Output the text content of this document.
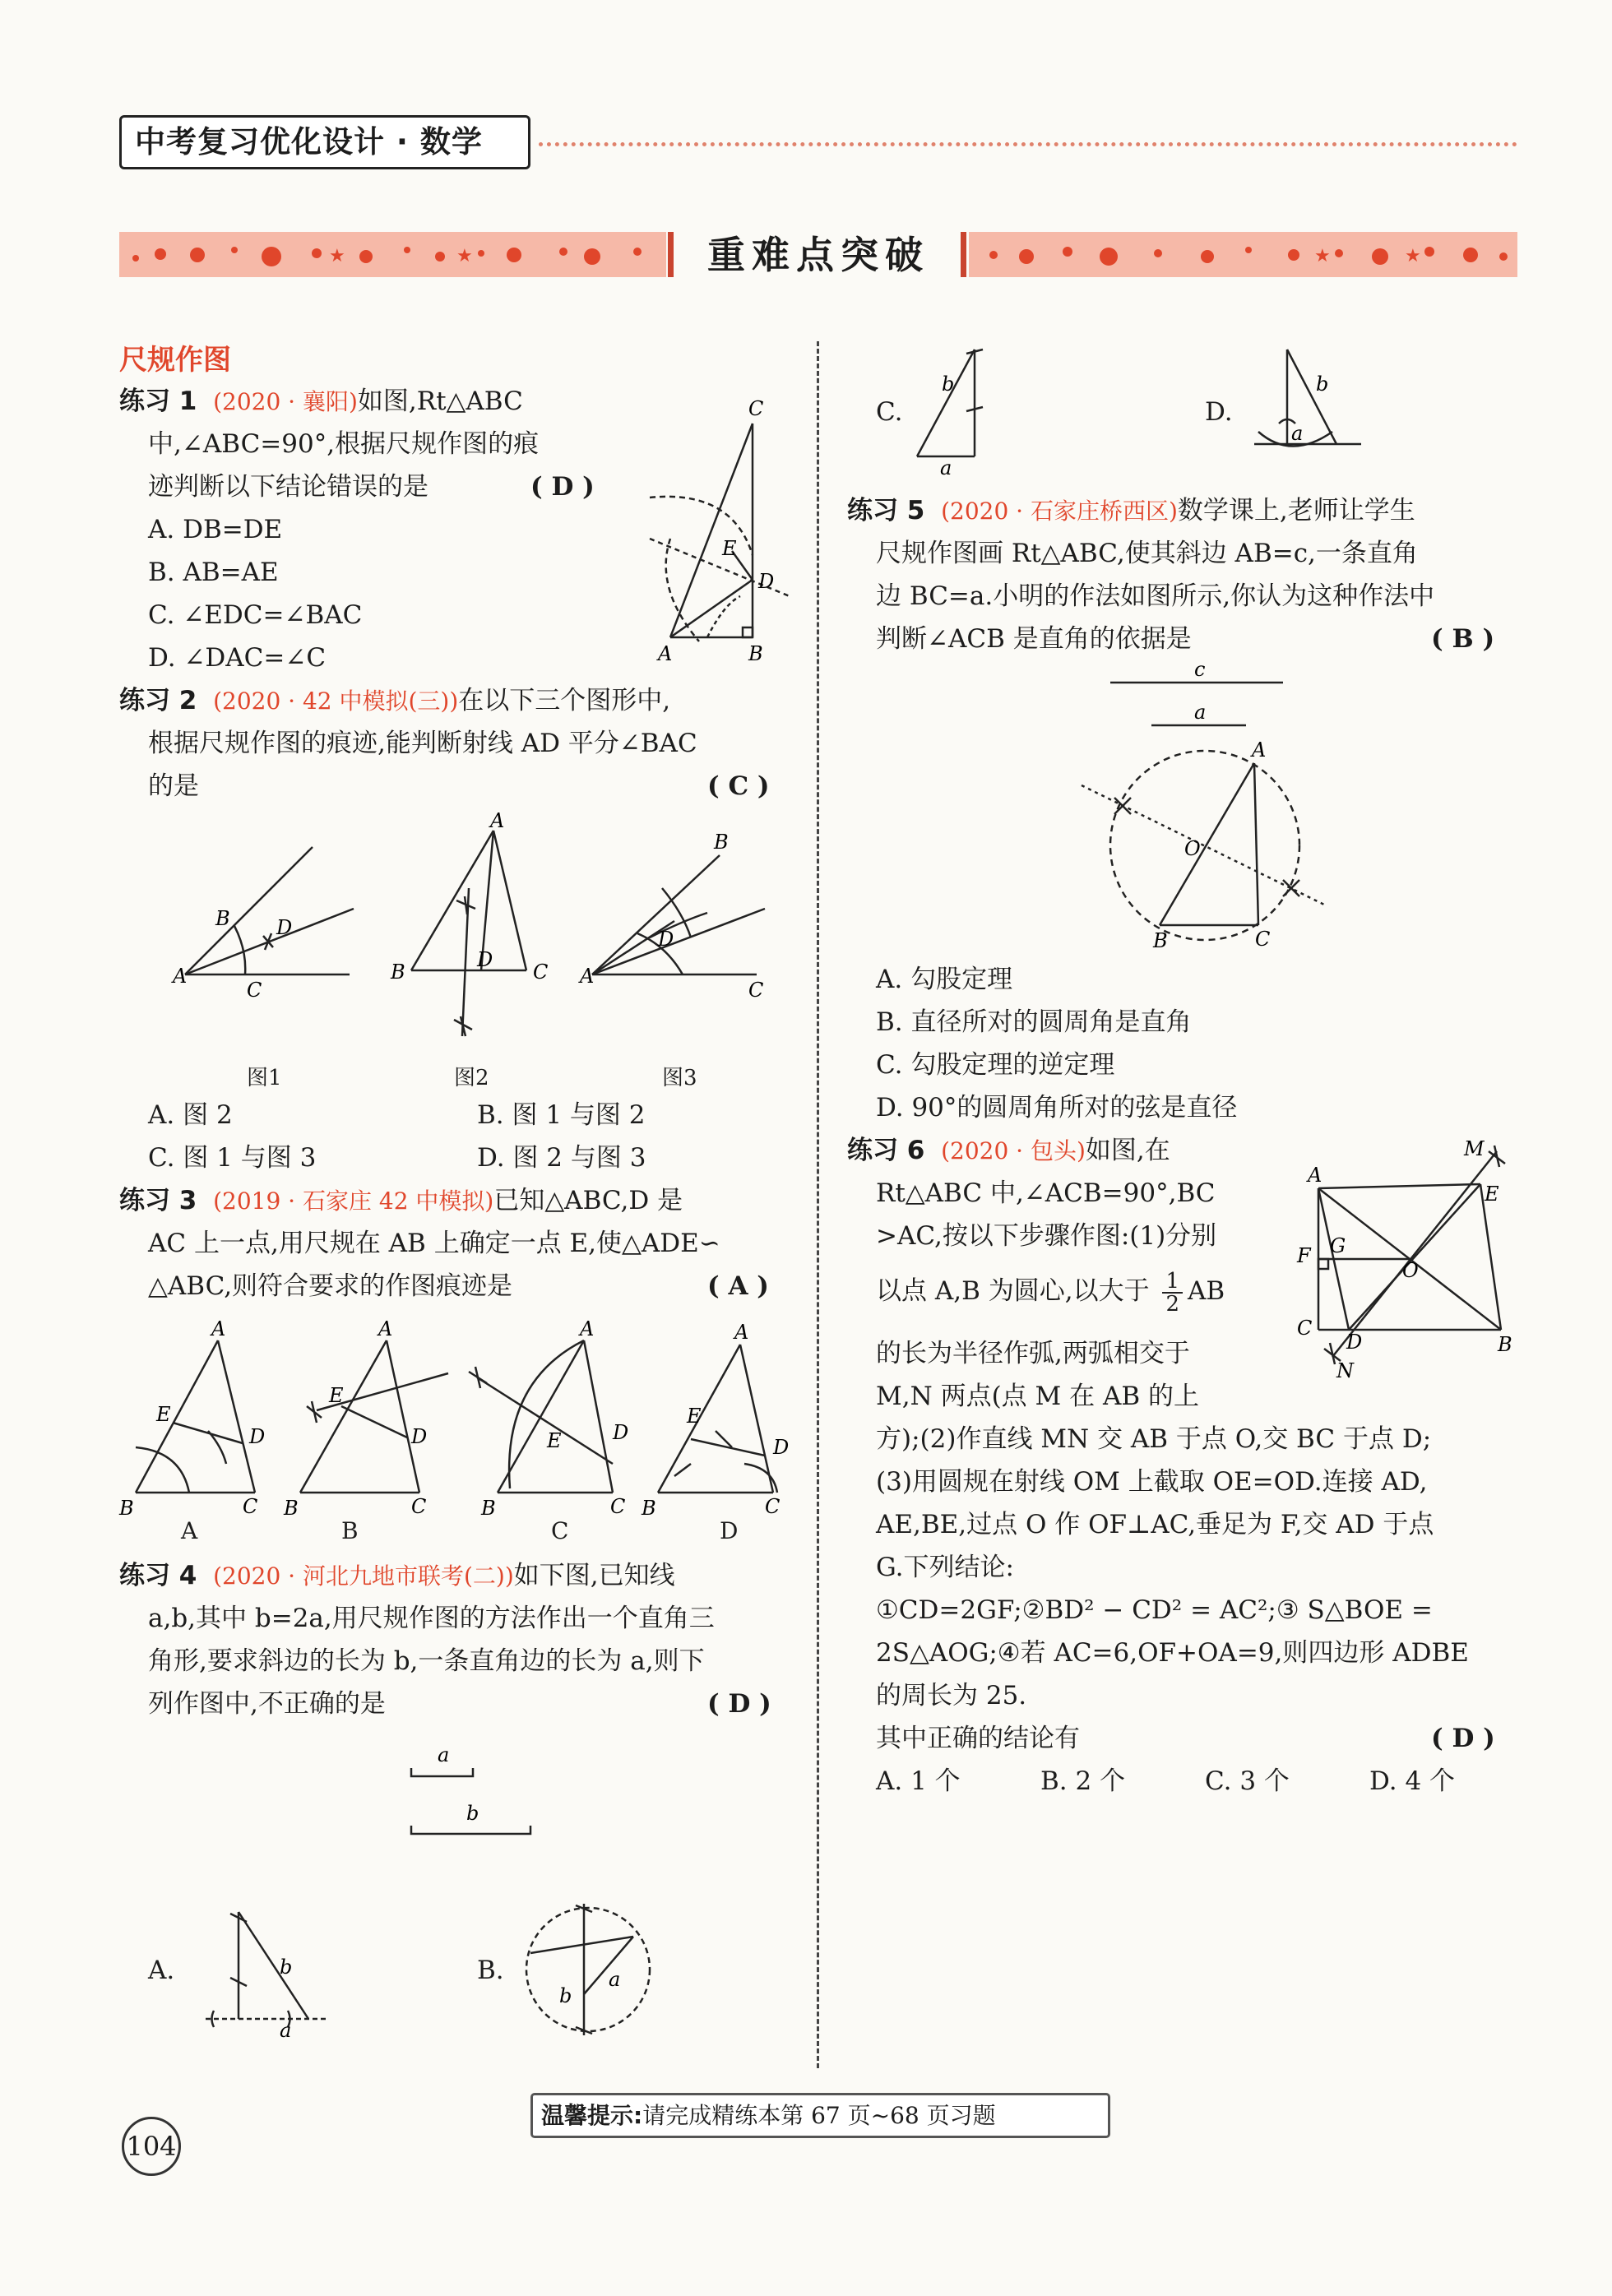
中考复习优化设计 · 数学
★	★	重难点突破	★	★
尺规作图
练习 1 (2020 · 襄阳)如图,Rt△ABC
中,∠ABC=90°,根据尺规作图的痕
迹判断以下结论错误的是	( D )
A. DB=DE
B. AB=AE
C. ∠EDC=∠BAC
D. ∠DAC=∠C
C
E
D
A	B
练习 2 (2020 · 42 中模拟(三))在以下三个图形中,
根据尺规作图的痕迹,能判断射线 AD 平分∠BAC
的是	( C )
A
B
C
D
图1
A
B	C
D
图2
A
B
C
D
图3
A. 图 2	B. 图 1 与图 2
C. 图 1 与图 3	D. 图 2 与图 3
练习 3 (2019 · 石家庄 42 中模拟)已知△ABC,D 是
AC 上一点,用尺规在 AB 上确定一点 E,使△ADE∽
△ABC,则符合要求的作图痕迹是	( A )
A
B	C
E
D
A
A
B	C
E
D
B
A
B	C
E	D
C
A
B	C
E
D
D
练习 4 (2020 · 河北九地市联考(二))如下图,已知线
a,b,其中 b=2a,用尺规作图的方法作出一个直角三
角形,要求斜边的长为 b,一条直角边的长为 a,则下
列作图中,不正确的是	( D )
a
b
A.	b
a
B.	a
b
C.
b
a
D.
b
a
练习 5 (2020 · 石家庄桥西区)数学课上,老师让学生
尺规作图画 Rt△ABC,使其斜边 AB=c,一条直角
边 BC=a.小明的作法如图所示,你认为这种作法中
判断∠ACB 是直角的依据是	( B )
c
a
A
O
B	C
A. 勾股定理
B. 直径所对的圆周角是直角
C. 勾股定理的逆定理
D. 90°的圆周角所对的弦是直径
练习 6 (2020 · 包头)如图,在
Rt△ABC 中,∠ACB=90°,BC
>AC,按以下步骤作图:(1)分别
以点 A,B 为圆心,以大于 $\frac{1}{2}$ AB
的长为半径作弧,两弧相交于
M,N 两点(点 M 在 AB 的上
方);(2)作直线 MN 交 AB 于点 O,交 BC 于点 D;
(3)用圆规在射线 OM 上截取 OE=OD.连接 AD,
AE,BE,过点 O 作 OF⊥AC,垂足为 F,交 AD 于点
G.下列结论:
①CD=2GF;②BD² − CD² = AC²;③ S△BOE =
2S△AOG;④若 AC=6,OF+OA=9,则四边形 ADBE
的周长为 25.
其中正确的结论有	( D )
A. 1 个	B. 2 个	C. 3 个	D. 4 个
M
A
E
F G
O
C
D
N
B
温馨提示:请完成精练本第 67 页~68 页习题
104
